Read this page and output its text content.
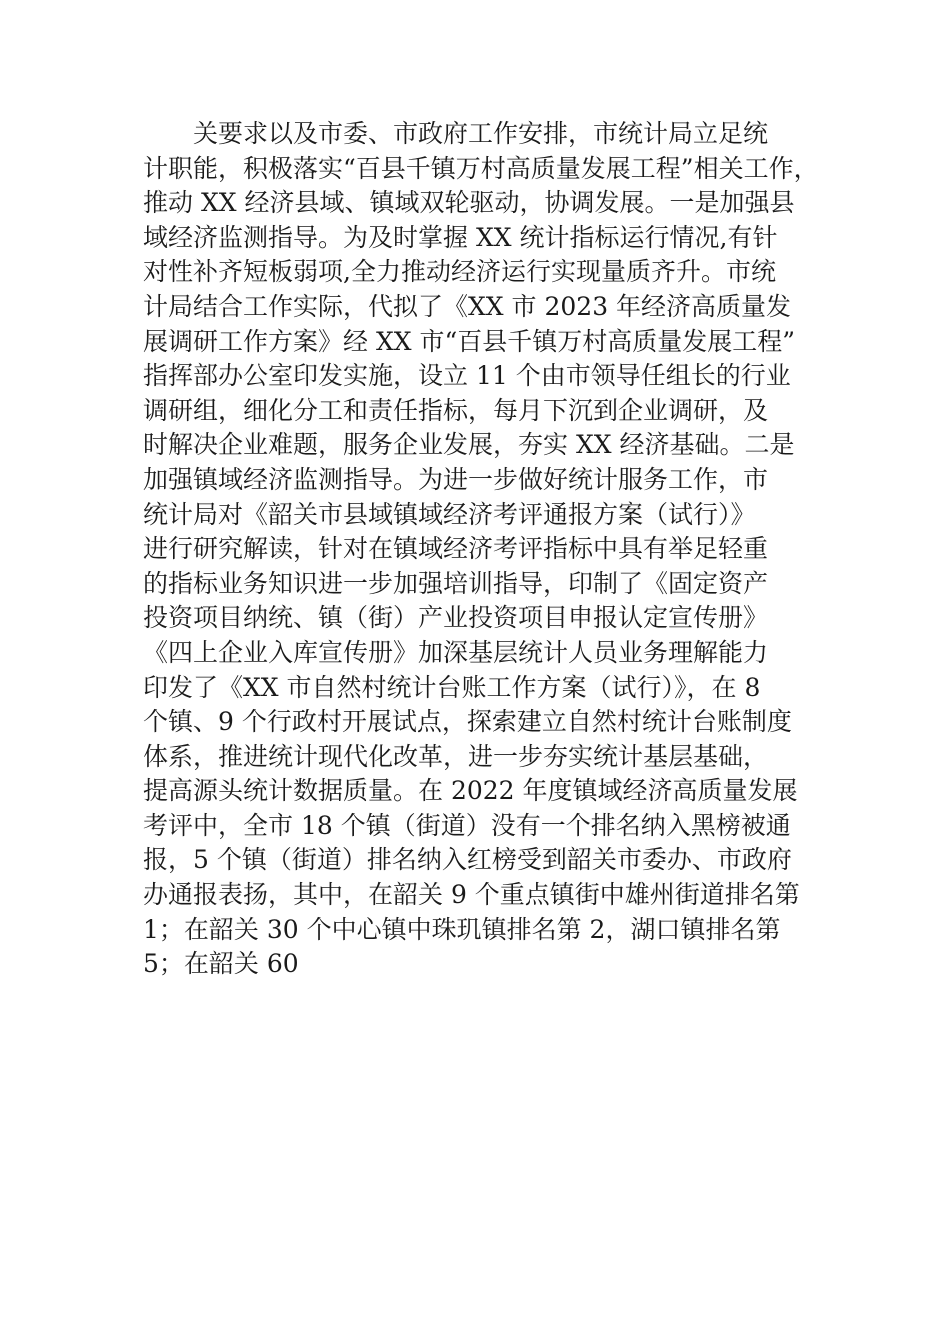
　　关要求以及市委、市政府工作安排，市统计局立足统
计职能，积极落实“百县千镇万村高质量发展工程”相关工作，
推动 XX 经济县域、镇域双轮驱动，协调发展。一是加强县
域经济监测指导。为及时掌握 XX 统计指标运行情况,有针
对性补齐短板弱项,全力推动经济运行实现量质齐升。市统
计局结合工作实际，代拟了《XX 市 2023 年经济高质量发
展调研工作方案》经 XX 市“百县千镇万村高质量发展工程”
指挥部办公室印发实施，设立 11 个由市领导任组长的行业
调研组，细化分工和责任指标，每月下沉到企业调研，及
时解决企业难题，服务企业发展，夯实 XX 经济基础。二是
加强镇域经济监测指导。为进一步做好统计服务工作，市
统计局对《韶关市县域镇域经济考评通报方案（试行）》
进行研究解读，针对在镇域经济考评指标中具有举足轻重
的指标业务知识进一步加强培训指导，印制了《固定资产
投资项目纳统、镇（街）产业投资项目申报认定宣传册》
《四上企业入库宣传册》加深基层统计人员业务理解能力
印发了《XX 市自然村统计台账工作方案（试行）》，在 8
个镇、9 个行政村开展试点，探索建立自然村统计台账制度
体系，推进统计现代化改革，进一步夯实统计基层基础，
提高源头统计数据质量。在 2022 年度镇域经济高质量发展
考评中，全市 18 个镇（街道）没有一个排名纳入黑榜被通
报，5 个镇（街道）排名纳入红榜受到韶关市委办、市政府
办通报表扬，其中，在韶关 9 个重点镇街中雄州街道排名第
1；在韶关 30 个中心镇中珠玑镇排名第 2，湖口镇排名第
5；在韶关 60
